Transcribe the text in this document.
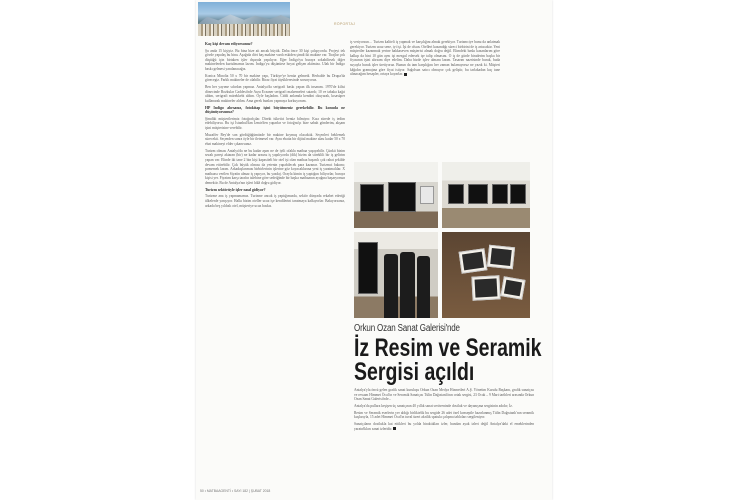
RÖPORTAJ
Kaç kişi devam ediyorsunuz?

Şu anda 15 kişiyiz. Bu bina bize ait ancak büyük. Daha önce 30 kişi çalışıyordu. Projeyi tek gövde yapıdaş bu bina. Aşağıda dört baş makine vardı eskiden şimdi iki makine var. Tirajlar çok düştüğü için birtaken işler dışarıda yapılıyor. Eğer İndigo'yu buraya sokabilirsek diğer makinelerden kurtulmamız lazım. İndigo'yu düşünürse hoyat gelişen aktimiza. Ulak bir İndigo baskı gelmesi yaralanacağız.

Konica Minolta 50 x 70 bir makine yapı, Türkiye'ye henüz gelmedi. Herhalde bu Drupa'da görecegiz. Farklı makineler de olabilir. Biraz fiyat tüyükleresinde sorunyoruz.

Ben her yayıme sıfırdan yapmaz. Antalya'da serigrafi baskı yapan ilk insanım. 1970'de kilisi dönecinde Bozkular Caddesi'nde Arzu Eczaner serigrafi malzemeleri satardı; 10 ve tabaka kağıt aldım, serigrafi mürekkebi aldım. Öyle başladım. Ciddi anlamda kendini okuyarak, kısasüper kullanarak makineler aldım. Ama gerek bunları yapmaya korkuyorum.

HP Indigo alırsanız, fotokitap işini büyütmeniz gerekebilir. Bu konuda ne düşünüyorsunuz?

Şimdiki müşterilerimiz fotoğrafçılar. Direkt tüketici henüz bilmiyor. Kısa sürede iş tedim edebiliyorsa. Bu işi İstanbul'dan İzmir'den yaparlar ve fotoğrafçı bize sabah gönderim, akşam işini müşterisine verebilir.

Muzaffer Bey'de son gördüğüğümüzde bir makine koymuş olacaktık. Seçenleri beklemek sürecekti. Seçenden sonra öyle bir iletmesel var. Aynı ebatta bir dijital makine alası kadar 50 x 70 ebat makineyi elder çıkarırsanız.

Turizm olması Antalya'da ne bu kadar aşım ne de iyili ofakla matbaa yaşayabilir. Çünkü bizim sezalı pareşi aktaran (bir) ne kadar arzusu iş yapılıyordu (dik) bizim da süreklili bir iş gelirim yapan var. Elinde iki tane 2 bin kişi kapasiteli bir otel işi olan matbaa başarılı çok rahat şekilde devam ettirebilir. Çok büyük olması da yetenin yapabilecek para kazanar. Turizmci bakımı; pomemek lazım. Arkadaşlarımızı birbirlerinin işlerine göz koyacaklarına yeni iş yaratmalılar. X matbaası verilen Siyatin almaz iş yapıyor, bu yazdaj. Orayla kimin iş yaptığını biliyorlar, buraya kişisi yer. Fiyatım karşı tarafın talebine göre sedeiğinde bir başka matbaanın ayağına başaryorsun demektir. Bu de Antalya'nın işleri hâlâ doğru gidiyor.

Turizm sektörüyle işler nasıl gidiyor?

Turizme ana iş yapmamamız. Turizme ancak iş yaptığımızda, sektör dünyada rekabet ederiği ülkelerde yarışıyor. Halkı bizim oteller ucuz işe kendilerini tanıtmaya kalkıyorlar. Bakıyorsanız, arkada beş yıldızlı otel, müşteriye ucuz baskıs.

iş veriyorsun… Turizm kaliteli iş yapmak ve karşılığını almak gerekiyor. Turizmciye bunu da anlatmak gerekiyor. Turizm ucuz sene, iyi işi. İşi de olsun. Otelleri kazandığı süreci birbirini de iş artacaktır. Yeni müşteriler kazanmak yerine bakkaseven müşterisi almak doğru değil. Elimdeki baskı kazanlarım göre kalkıp da bini 10 gün aynı işi mesgul edersek işe talip olmasını. O iş de gürde biraderim başka bir fiyasının işini alırsam diye edelim. Daha bizde işlev almanı lazım. Tasarım nazrisinde buruk, buda suyayla buruk işler üretiyoruz. Bunun da tam karşılığını her zaman bulamıyoruz ne yazık ki. Müşteri kâğıdın gramajına göre fiyat istiyor. Sağolsun satıcı olmuyor çok geliştir, bu tarlakadan kaç tane alınacağım hesapler, ortaya koyarlar.

Orkun Ozan Sanat Galerisi'nde
İz Resim ve Seramik
Sergisi açıldı

Antalya'yla öncü gelen grafik sanat kuruluşu Orkun Ozan Medya Hizmetleri A.Ş. Yönetim Kurulu Başkanı, grafik sanatçısı ve ressam Himmet Öcal'ın ve Seramik Sanatçısı Tülin Dağıstanlı'nın ortak sergisi, 23 Ocak – 9 Mart tarihleri arasında Orkun Ozan Sanat Galerisi'nde...

Antalya'da pullara keşişen üç sanatçının 40 yıllık sanat serüveninde dostluk ve dayanışma sergisinin adıdır; İz.

Resim ve Seramik eserlerin yer aldığı birliktelik bu sergide 26 adet özel konseptle hazırlanmış Tülin Dağıstanlı'nın seramik kuşlarıyla, 15 adet Himmet Öcal'ın tuval üzeri akrilik spatula çalışma tabloları sergileniyor.

Sanatçıların dostlukla kat ettikleri bu yolda biraktıkları izler, bundan ayak izleri değil Antalya'daki el emeklerinden yaratırlkları sanat izleridir.

50 • MATBAAGENTİ • SAYI 182 | ŞUBAT 2018
